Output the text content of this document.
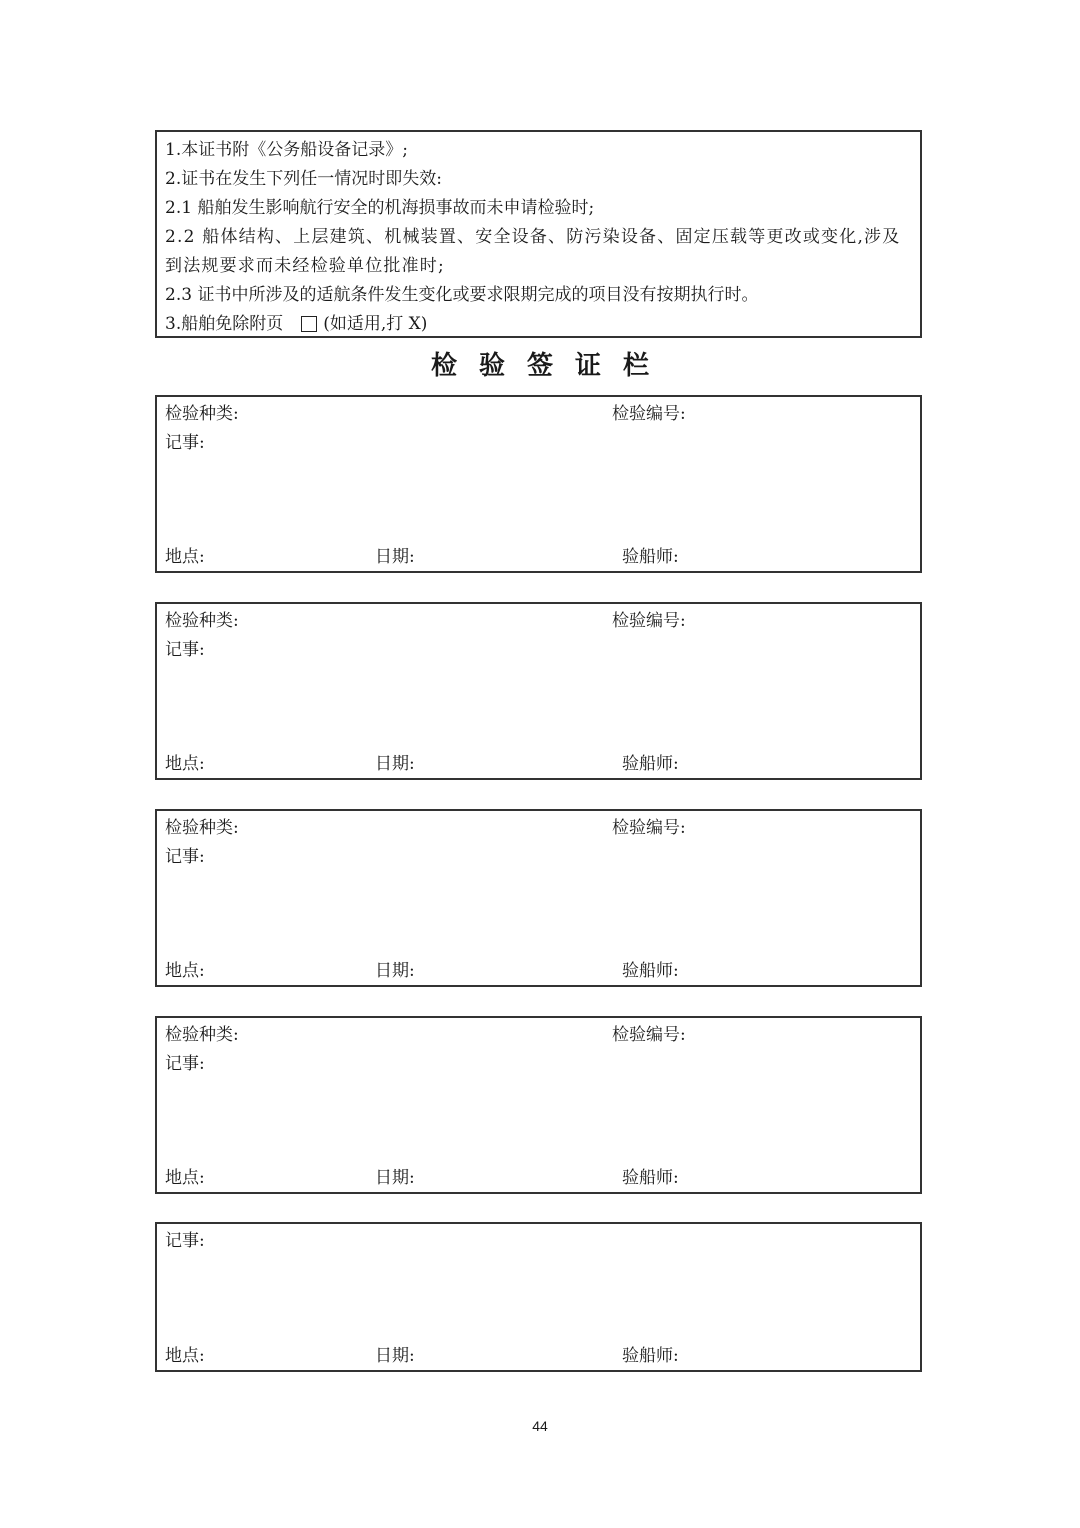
1.本证书附《公务船设备记录》;
2.证书在发生下列任一情况时即失效:
2.1 船舶发生影响航行安全的机海损事故而未申请检验时;
2.2 船体结构、上层建筑、机械装置、安全设备、防污染设备、固定压载等更改或变化,涉及到法规要求而未经检验单位批准时;
2.3 证书中所涉及的适航条件发生变化或要求限期完成的项目没有按期执行时。
3.船舶免除附页 (如适用,打 X)
检验签证栏
检验种类:	检验编号:
记事:
地点:	日期:	验船师:
检验种类:	检验编号:
记事:
地点:	日期:	验船师:
检验种类:	检验编号:
记事:
地点:	日期:	验船师:
检验种类:	检验编号:
记事:
地点:	日期:	验船师:
记事:
地点:	日期:	验船师:
44
